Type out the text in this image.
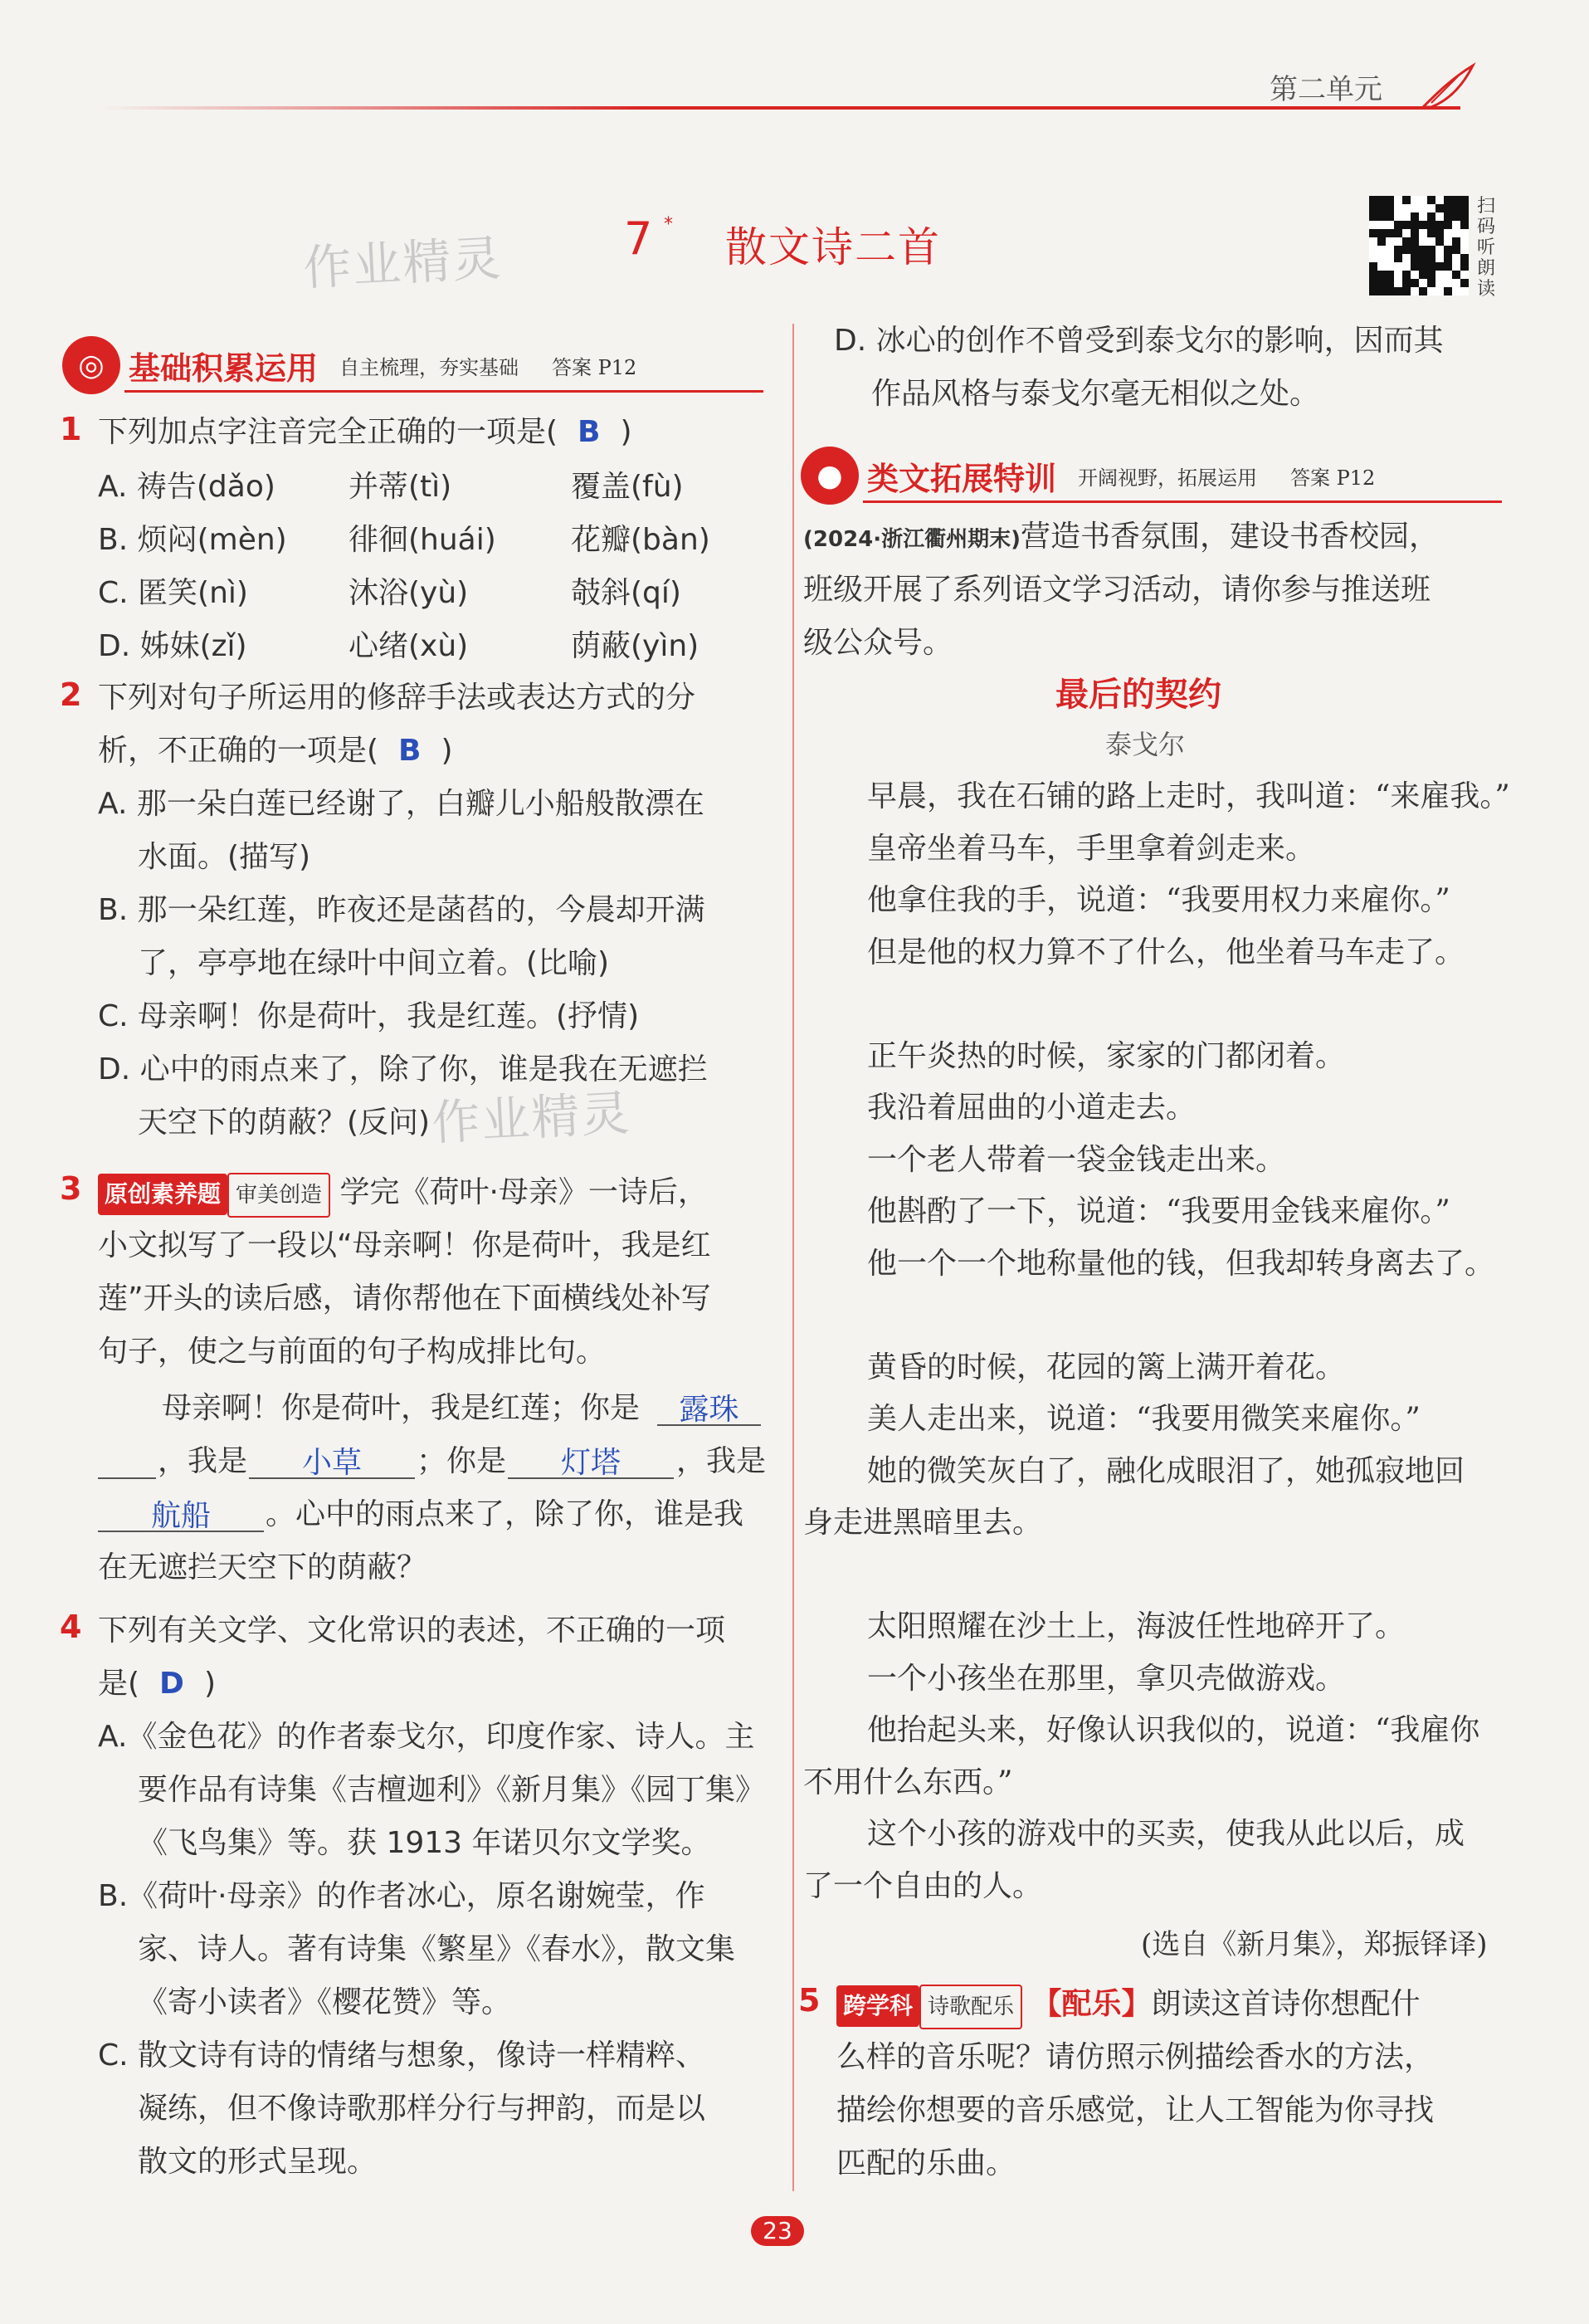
第二单元
作业精灵
作业精灵
7 * 散文诗二首
扫码听朗读
◎ 基础积累运用 自主梳理，夯实基础 答案 P12
1 下列加点字注音完全正确的一项是( B )
A. 祷告(dǎo) 并蒂(tì)	覆盖(fù)
B. 烦闷(mèn) 徘徊(huái)	花瓣(bàn)
C. 匿笑(nì)	沐浴(yù)	攲斜(qí)
D. 姊妹(zǐ)	心绪(xù)	荫蔽(yìn)
2 下列对句子所运用的修辞手法或表达方式的分
析，不正确的一项是( B )
A. 那一朵白莲已经谢了，白瓣儿小船般散漂在
水面。(描写)
B. 那一朵红莲，昨夜还是菡萏的，今晨却开满
了，亭亭地在绿叶中间立着。(比喻)
C. 母亲啊！你是荷叶，我是红莲。(抒情)
D. 心中的雨点来了，除了你，谁是我在无遮拦
天空下的荫蔽？(反问)
3 原创素养题 审美创造 学完《荷叶·母亲》一诗后，
小文拟写了一段以“母亲啊！你是荷叶，我是红
莲”开头的读后感，请你帮他在下面横线处补写
句子，使之与前面的句子构成排比句。
母亲啊！你是荷叶，我是红莲；你是	露珠
，我是	小草	；你是	灯塔	，我是
航船	。心中的雨点来了，除了你，谁是我
在无遮拦天空下的荫蔽？
4 下列有关文学、文化常识的表述，不正确的一项
是( D )
A.《金色花》的作者泰戈尔，印度作家、诗人。主
要作品有诗集《吉檀迦利》《新月集》《园丁集》
《飞鸟集》等。获 1913 年诺贝尔文学奖。
B.《荷叶·母亲》的作者冰心，原名谢婉莹，作
家、诗人。著有诗集《繁星》《春水》，散文集
《寄小读者》《樱花赞》等。
C. 散文诗有诗的情绪与想象，像诗一样精粹、
凝练，但不像诗歌那样分行与押韵，而是以
散文的形式呈现。
D. 冰心的创作不曾受到泰戈尔的影响，因而其
作品风格与泰戈尔毫无相似之处。
● 类文拓展特训 开阔视野，拓展运用 答案 P12
(2024·浙江衢州期末)营造书香氛围，建设书香校园，
班级开展了系列语文学习活动，请你参与推送班
级公众号。
最后的契约
泰戈尔
早晨，我在石铺的路上走时，我叫道：“来雇我。”
皇帝坐着马车，手里拿着剑走来。
他拿住我的手，说道：“我要用权力来雇你。”
但是他的权力算不了什么，他坐着马车走了。
正午炎热的时候，家家的门都闭着。
我沿着屈曲的小道走去。
一个老人带着一袋金钱走出来。
他斟酌了一下，说道：“我要用金钱来雇你。”
他一个一个地称量他的钱，但我却转身离去了。
黄昏的时候，花园的篱上满开着花。
美人走出来，说道：“我要用微笑来雇你。”
她的微笑灰白了，融化成眼泪了，她孤寂地回
身走进黑暗里去。
太阳照耀在沙土上，海波任性地碎开了。
一个小孩坐在那里，拿贝壳做游戏。
他抬起头来，好像认识我似的，说道：“我雇你
不用什么东西。”
这个小孩的游戏中的买卖，使我从此以后，成
了一个自由的人。
(选自《新月集》，郑振铎译)
5 跨学科 诗歌配乐 【配乐】朗读这首诗你想配什
么样的音乐呢？请仿照示例描绘香水的方法，
描绘你想要的音乐感觉，让人工智能为你寻找
匹配的乐曲。
23
